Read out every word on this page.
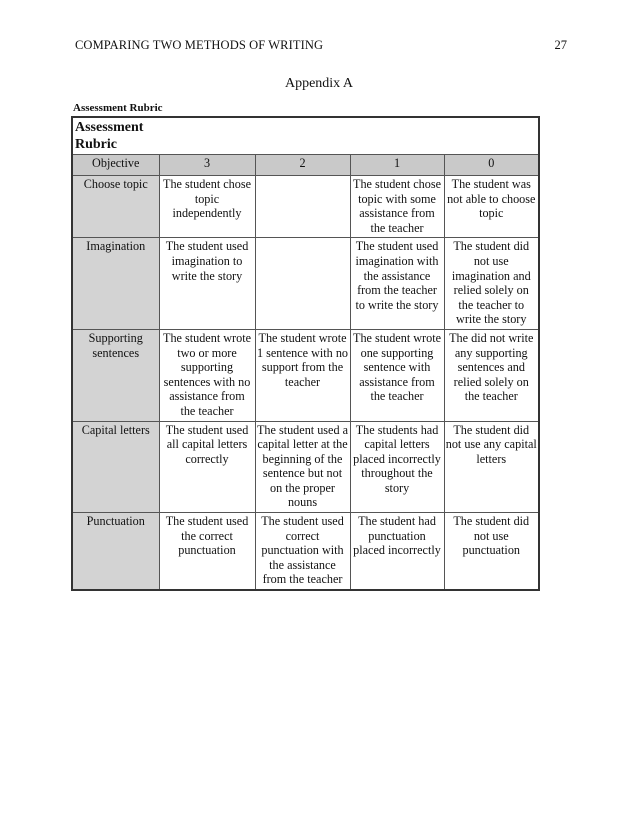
COMPARING TWO METHODS OF WRITING	27
Appendix A
Assessment Rubric
Assessment
Rubric
Objective	3	2	1	0
Choose topic	The student chose topic independently		The student chose topic with some assistance from the teacher	The student was not able to choose topic
Imagination	The student used imagination to write the story		The student used imagination with the assistance from the teacher to write the story	The student did not use imagination and relied solely on the teacher to write the story
Supporting sentences	The student wrote two or more supporting sentences with no assistance from the teacher	The student wrote 1 sentence with no support from the teacher	The student wrote one supporting sentence with assistance from the teacher	The did not write any supporting sentences and relied solely on the teacher
Capital letters	The student used all capital letters correctly	The student used a capital letter at the beginning of the sentence but not on the proper nouns	The students had capital letters placed incorrectly throughout the story	The student did not use any capital letters
Punctuation	The student used the correct punctuation	The student used correct punctuation with the assistance from the teacher	The student had punctuation placed incorrectly	The student did not use punctuation
